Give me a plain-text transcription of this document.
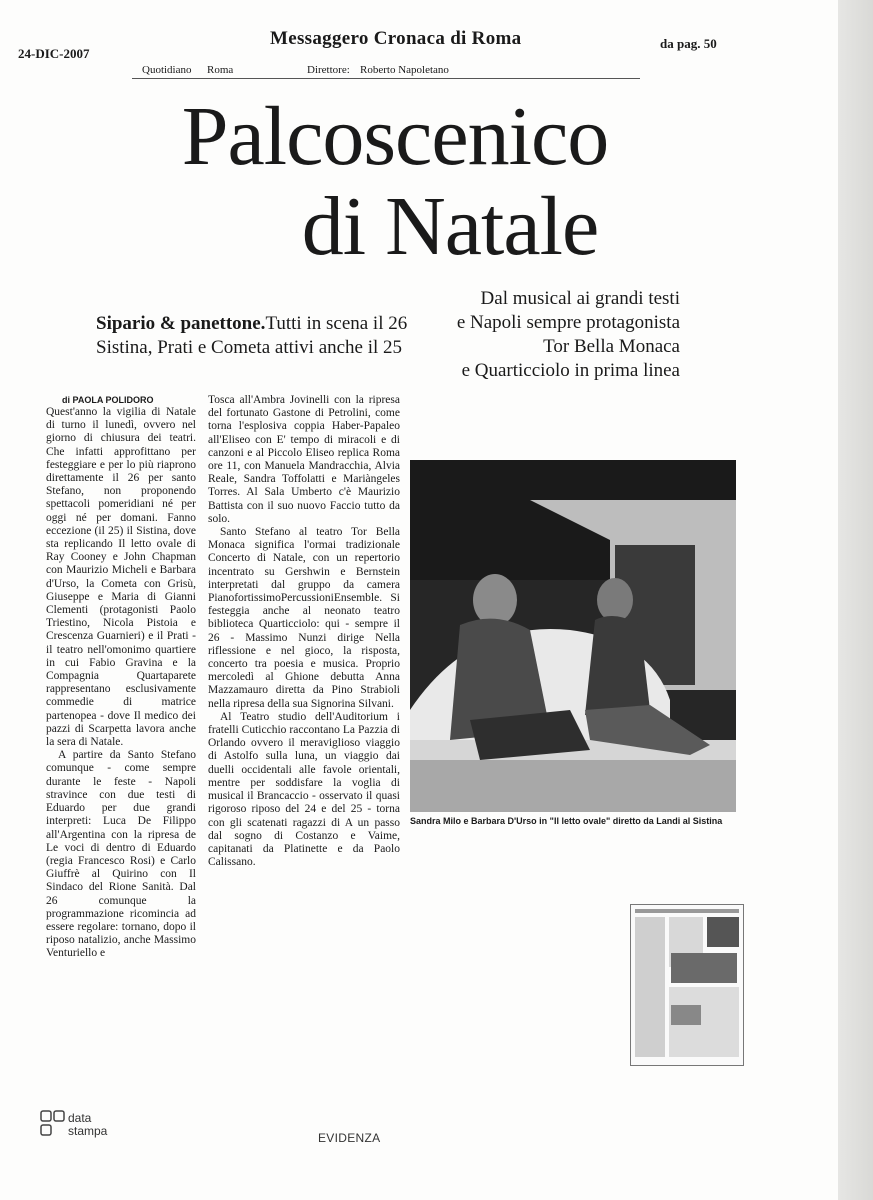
24-DIC-2007
Messaggero Cronaca di Roma	da pag. 50
Quotidiano Roma	Direttore: Roberto Napoletano
Palcoscenico
di Natale
Sipario & panettone.Tutti in scena il 26
Sistina, Prati e Cometa attivi anche il 25
Dal musical ai grandi testi
e Napoli sempre protagonista
Tor Bella Monaca
e Quarticciolo in prima linea
di PAOLA POLIDORO

Quest'anno la vigilia di Natale di turno il lunedì, ovvero nel giorno di chiusura dei teatri. Che infatti approfittano per festeggiare e per lo più riaprono direttamente il 26 per santo Stefano, non proponendo spettacoli pomeridiani né per oggi né per domani. Fanno eccezione (il 25) il Sistina, dove sta replicando Il letto ovale di Ray Cooney e John Chapman con Maurizio Micheli e Barbara d'Urso, la Cometa con Grisù, Giuseppe e Maria di Gianni Clementi (protagonisti Paolo Triestino, Nicola Pistoia e Crescenza Guarnieri) e il Prati - il teatro nell'omonimo quartiere in cui Fabio Gravina e la Compagnia Quartaparete rappresentano esclusivamente commedie di matrice partenopea - dove Il medico dei pazzi di Scarpetta lavora anche la sera di Natale.

A partire da Santo Stefano comunque - come sempre durante le feste - Napoli stravince con due testi di Eduardo per due grandi interpreti: Luca De Filippo all'Argentina con la ripresa de Le voci di dentro di Eduardo (regia Francesco Rosi) e Carlo Giuffrè al Quirino con Il Sindaco del Rione Sanità. Dal 26 comunque la programmazione ricomincia ad essere regolare: tornano, dopo il riposo natalizio, anche Massimo Venturiello e

Tosca all'Ambra Jovinelli con la ripresa del fortunato Gastone di Petrolini, come torna l'esplosiva coppia Haber-Papaleo all'Eliseo con E' tempo di miracoli e di canzoni e al Piccolo Eliseo replica Roma ore 11, con Manuela Mandracchia, Alvia Reale, Sandra Toffolatti e Mariàngeles Torres. Al Sala Umberto c'è Maurizio Battista con il suo nuovo Faccio tutto da solo.

Santo Stefano al teatro Tor Bella Monaca significa l'ormai tradizionale Concerto di Natale, con un repertorio incentrato su Gershwin e Bernstein interpretati dal gruppo da camera PianofortissimoPercussioniEnsemble. Si festeggia anche al neonato teatro biblioteca Quarticciolo: qui - sempre il 26 - Massimo Nunzi dirige Nella riflessione e nel gioco, la risposta, concerto tra poesia e musica. Proprio mercoledì al Ghione debutta Anna Mazzamauro diretta da Pino Strabioli nella ripresa della sua Signorina Silvani.

Al Teatro studio dell'Auditorium i fratelli Cuticchio raccontano La Pazzia di Orlando ovvero il meraviglioso viaggio di Astolfo sulla luna, un viaggio dai duelli occidentali alle favole orientali, mentre per soddisfare la voglia di musical il Brancaccio - osservato il quasi rigoroso riposo del 24 e del 25 - torna con gli scatenati ragazzi di A un passo dal sogno di Costanzo e Vaime, capitanati da Platinette e da Paolo Calissano.

Sandra Milo e Barbara D'Urso in "Il letto ovale" diretto da Landi al Sistina
data
stampa	EVIDENZA
